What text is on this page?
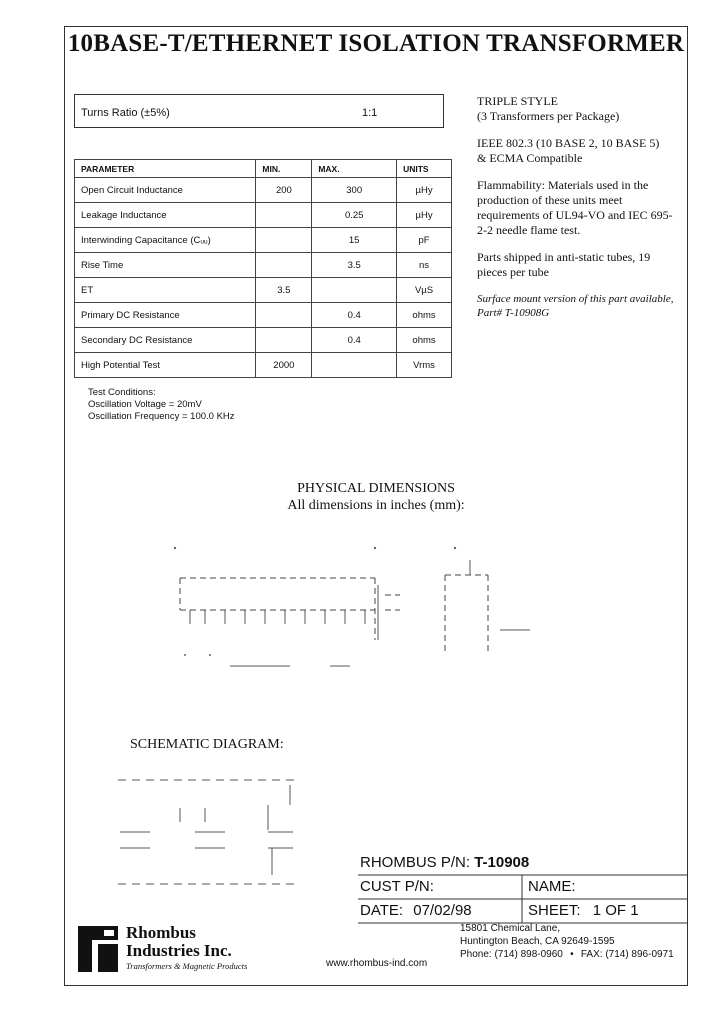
10BASE-T/ETHERNET ISOLATION TRANSFORMER
Turns Ratio (±5%)	1:1
PARAMETER	MIN.	MAX.	UNITS
Open Circuit Inductance	200	300	µHy
Leakage Inductance		0.25	µHy
Interwinding Capacitance (Cᵤᵤ)		15	pF
Rise Time		3.5	ns
ET	3.5		VµS
Primary DC Resistance		0.4	ohms
Secondary DC Resistance		0.4	ohms
High Potential Test	2000		Vrms
Test Conditions:
Oscillation Voltage = 20mV
Oscillation Frequency = 100.0 KHz

TRIPLE STYLE
(3 Transformers per Package)

IEEE 802.3 (10 BASE 2, 10 BASE 5)
& ECMA Compatible

Flammability: Materials used in the production of these units meet requirements of UL94-VO and IEC 695-2-2 needle flame test.

Parts shipped in anti-static tubes, 19 pieces per tube

Surface mount version of this part available, Part# T-10908G

PHYSICAL DIMENSIONS
All dimensions in inches (mm):
SCHEMATIC DIAGRAM:
RHOMBUS P/N: T-10908
CUST P/N:	NAME:
DATE: 07/02/98	SHEET: 1 OF 1
Rhombus
Industries Inc.
Transformers & Magnetic Products	www.rhombus-ind.com
15801 Chemical Lane,
Huntington Beach, CA 92649-1595
Phone: (714) 898-0960 • FAX: (714) 896-0971
